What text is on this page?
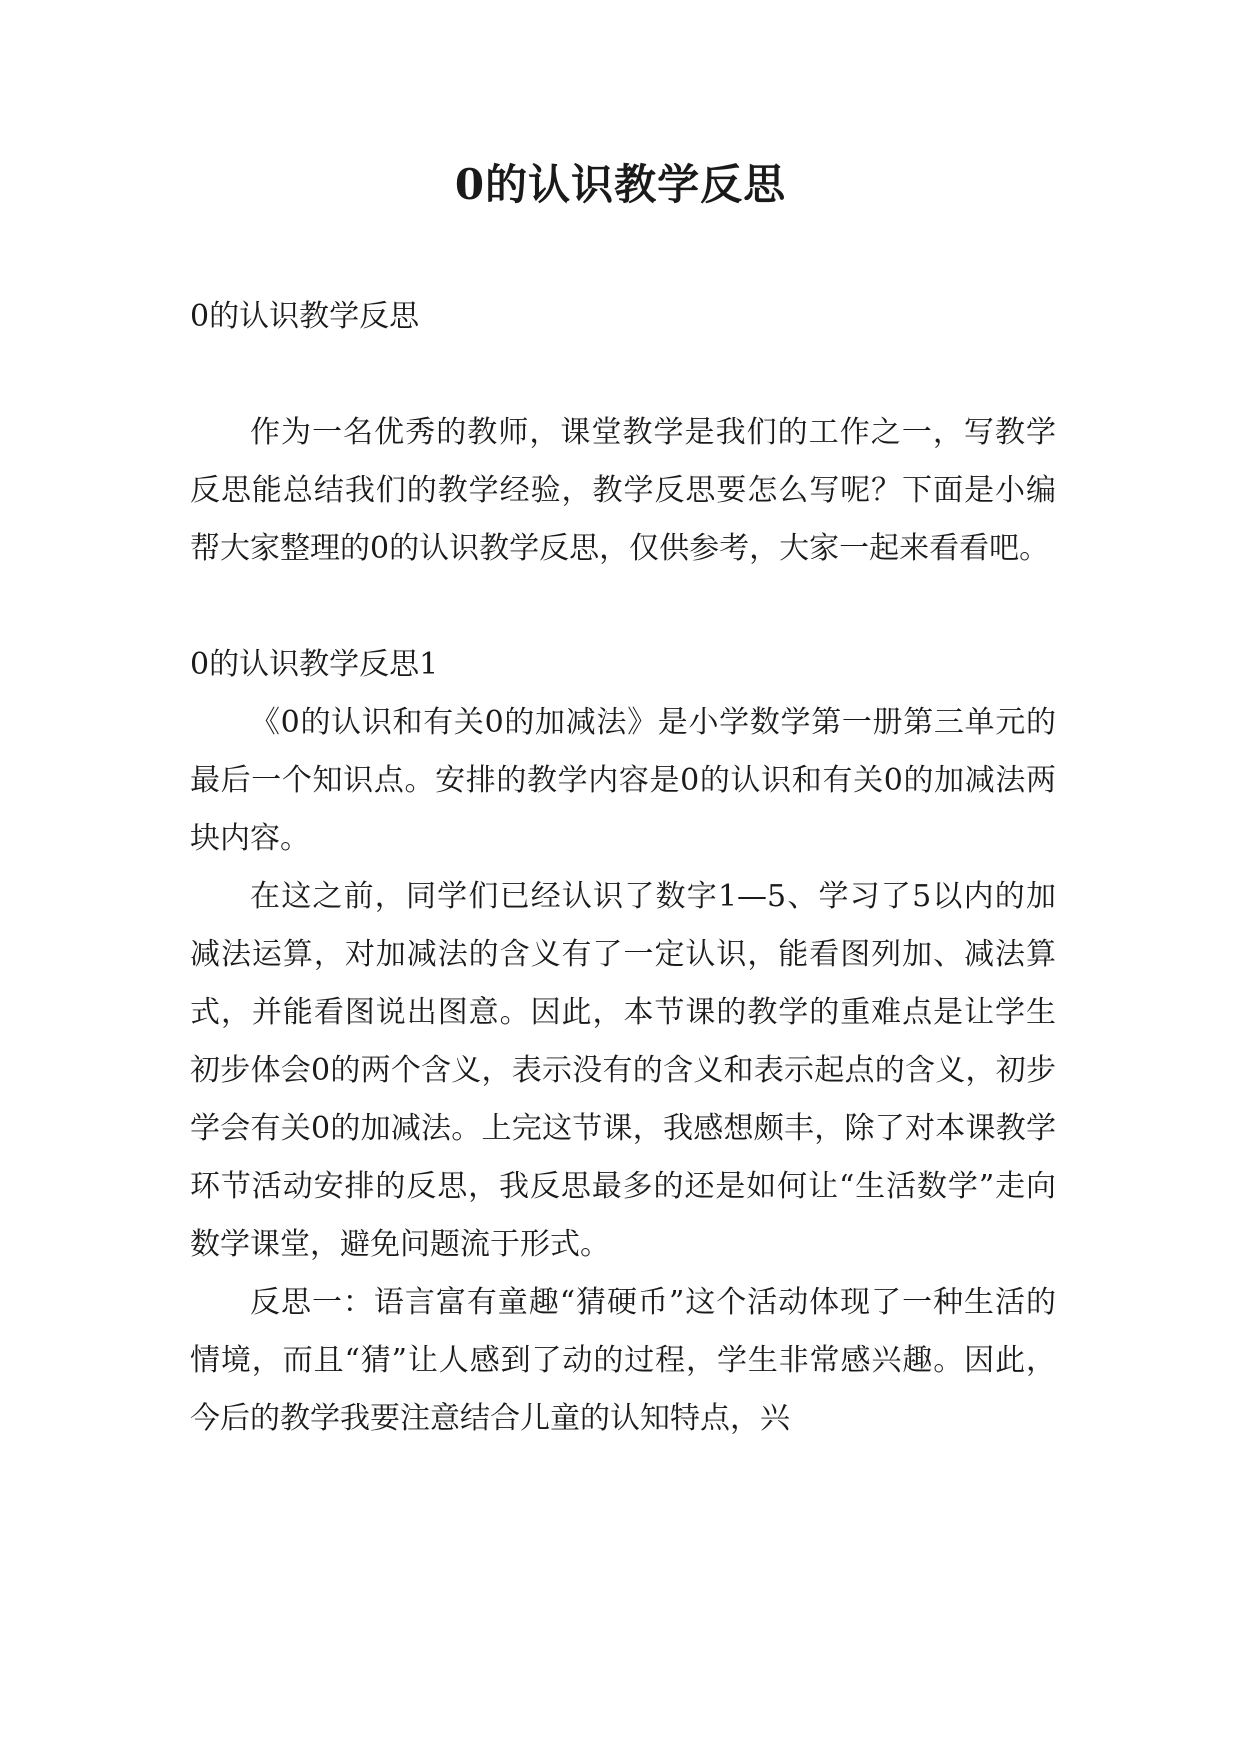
0的认识教学反思

0的认识教学反思

作为一名优秀的教师，课堂教学是我们的工作之一，写教学反思能总结我们的教学经验，教学反思要怎么写呢？下面是小编帮大家整理的0的认识教学反思，仅供参考，大家一起来看看吧。

0的认识教学反思1

《0的认识和有关0的加减法》是小学数学第一册第三单元的最后一个知识点。安排的教学内容是0的认识和有关0的加减法两块内容。

在这之前，同学们已经认识了数字1—5、学习了5以内的加减法运算，对加减法的含义有了一定认识，能看图列加、减法算式，并能看图说出图意。因此，本节课的教学的重难点是让学生初步体会0的两个含义，表示没有的含义和表示起点的含义，初步学会有关0的加减法。上完这节课，我感想颇丰，除了对本课教学环节活动安排的反思，我反思最多的还是如何让“生活数学”走向数学课堂，避免问题流于形式。

反思一：语言富有童趣“猜硬币”这个活动体现了一种生活的情境，而且“猜”让人感到了动的过程，学生非常感兴趣。因此，今后的教学我要注意结合儿童的认知特点，兴
